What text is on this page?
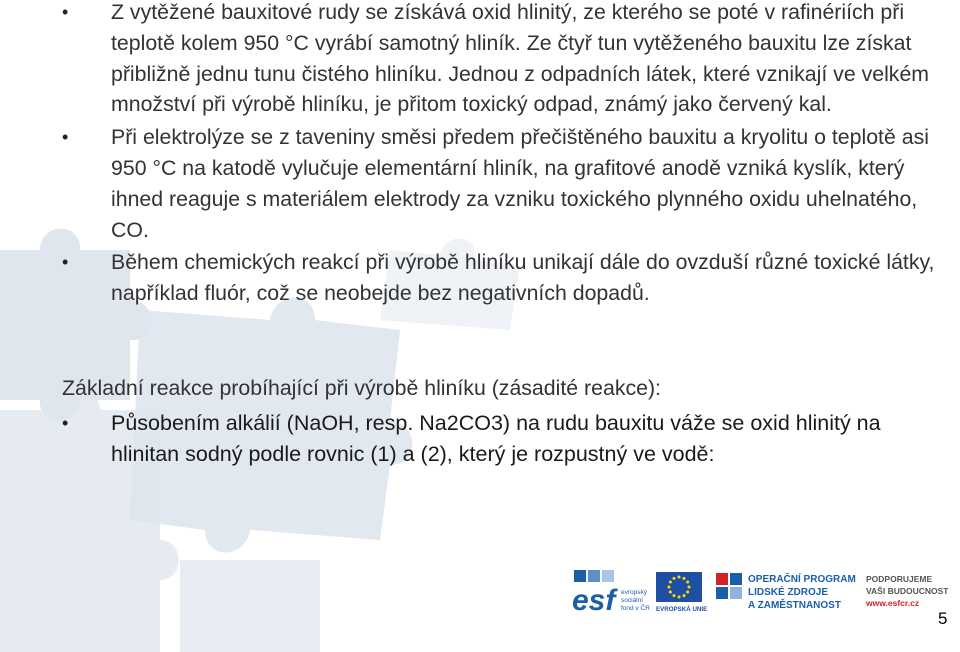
• Z vytěžené bauxitové rudy se získává oxid hlinitý, ze kterého se poté v rafinériích při teplotě kolem 950 °C vyrábí samotný hliník. Ze čtyř tun vytěženého bauxitu lze získat přibližně jednu tunu čistého hliníku. Jednou z odpadních látek, které vznikají ve velkém množství při výrobě hliníku, je přitom toxický odpad, známý jako červený kal.
• Při elektrolýze se z taveniny směsi předem přečištěného bauxitu a kryolitu o teplotě asi 950 °C na katodě vylučuje elementární hliník, na grafitové anodě vzniká kyslík, který ihned reaguje s materiálem elektrody za vzniku toxického plynného oxidu uhelnatého, CO.
• Během chemických reakcí při výrobě hliníku unikají dále do ovzduší různé toxické látky, například fluór, což se neobejde bez negativních dopadů.
Základní reakce probíhající při výrobě hliníku (zásadité reakce):
• Působením alkálií (NaOH, resp. Na2CO3) na rudu bauxitu váže se oxid hlinitý na hlinitan sodný podle rovnic (1) a (2), který je rozpustný ve vodě:
esf evropský
sociální
fond v ČR EVROPSKÁ UNIE
OPERAČNÍ PROGRAM
LIDSKÉ ZDROJE
A ZAMĚSTNANOST
PODPORUJEME
VAŠI BUDOUCNOST
www.esfcr.cz
5
